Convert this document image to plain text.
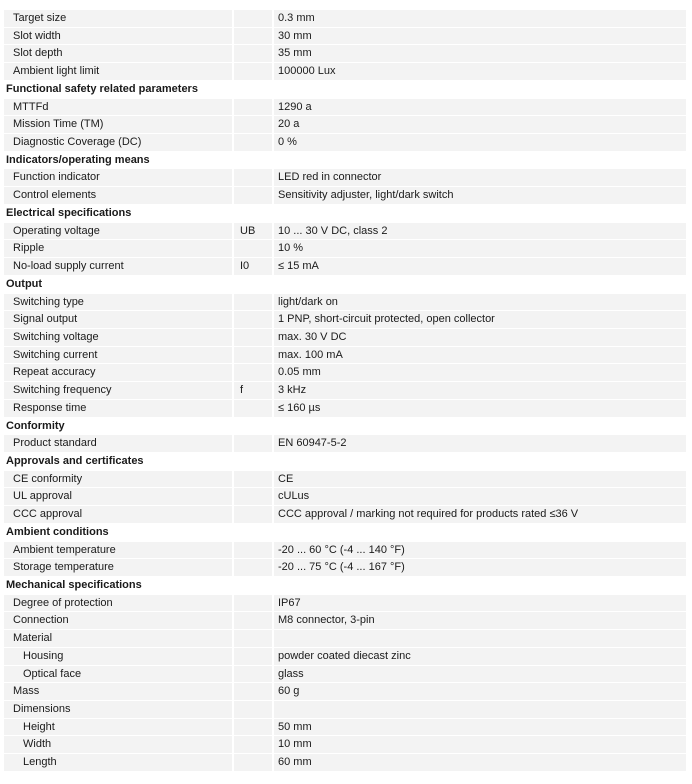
Target size	0.3 mm
Slot width	30 mm
Slot depth	35 mm
Ambient light limit	100000 Lux
Functional safety related parameters
MTTFd	1290 a
Mission Time (TM)	20 a
Diagnostic Coverage (DC)	0 %
Indicators/operating means
Function indicator	LED red in connector
Control elements	Sensitivity adjuster, light/dark switch
Electrical specifications
Operating voltage	UB	10 ... 30 V DC, class 2
Ripple	10 %
No-load supply current	I0	≤ 15 mA
Output
Switching type	light/dark on
Signal output	1 PNP, short-circuit protected, open collector
Switching voltage	max. 30 V DC
Switching current	max. 100 mA
Repeat accuracy	0.05 mm
Switching frequency	f	3 kHz
Response time	≤ 160 µs
Conformity
Product standard	EN 60947-5-2
Approvals and certificates
CE conformity	CE
UL approval	cULus
CCC approval	CCC approval / marking not required for products rated ≤36 V
Ambient conditions
Ambient temperature	-20 ... 60 °C (-4 ... 140 °F)
Storage temperature	-20 ... 75 °C (-4 ... 167 °F)
Mechanical specifications
Degree of protection	IP67
Connection	M8 connector, 3-pin
Material
Housing	powder coated diecast zinc
Optical face	glass
Mass	60 g
Dimensions
Height	50 mm
Width	10 mm
Length	60 mm
